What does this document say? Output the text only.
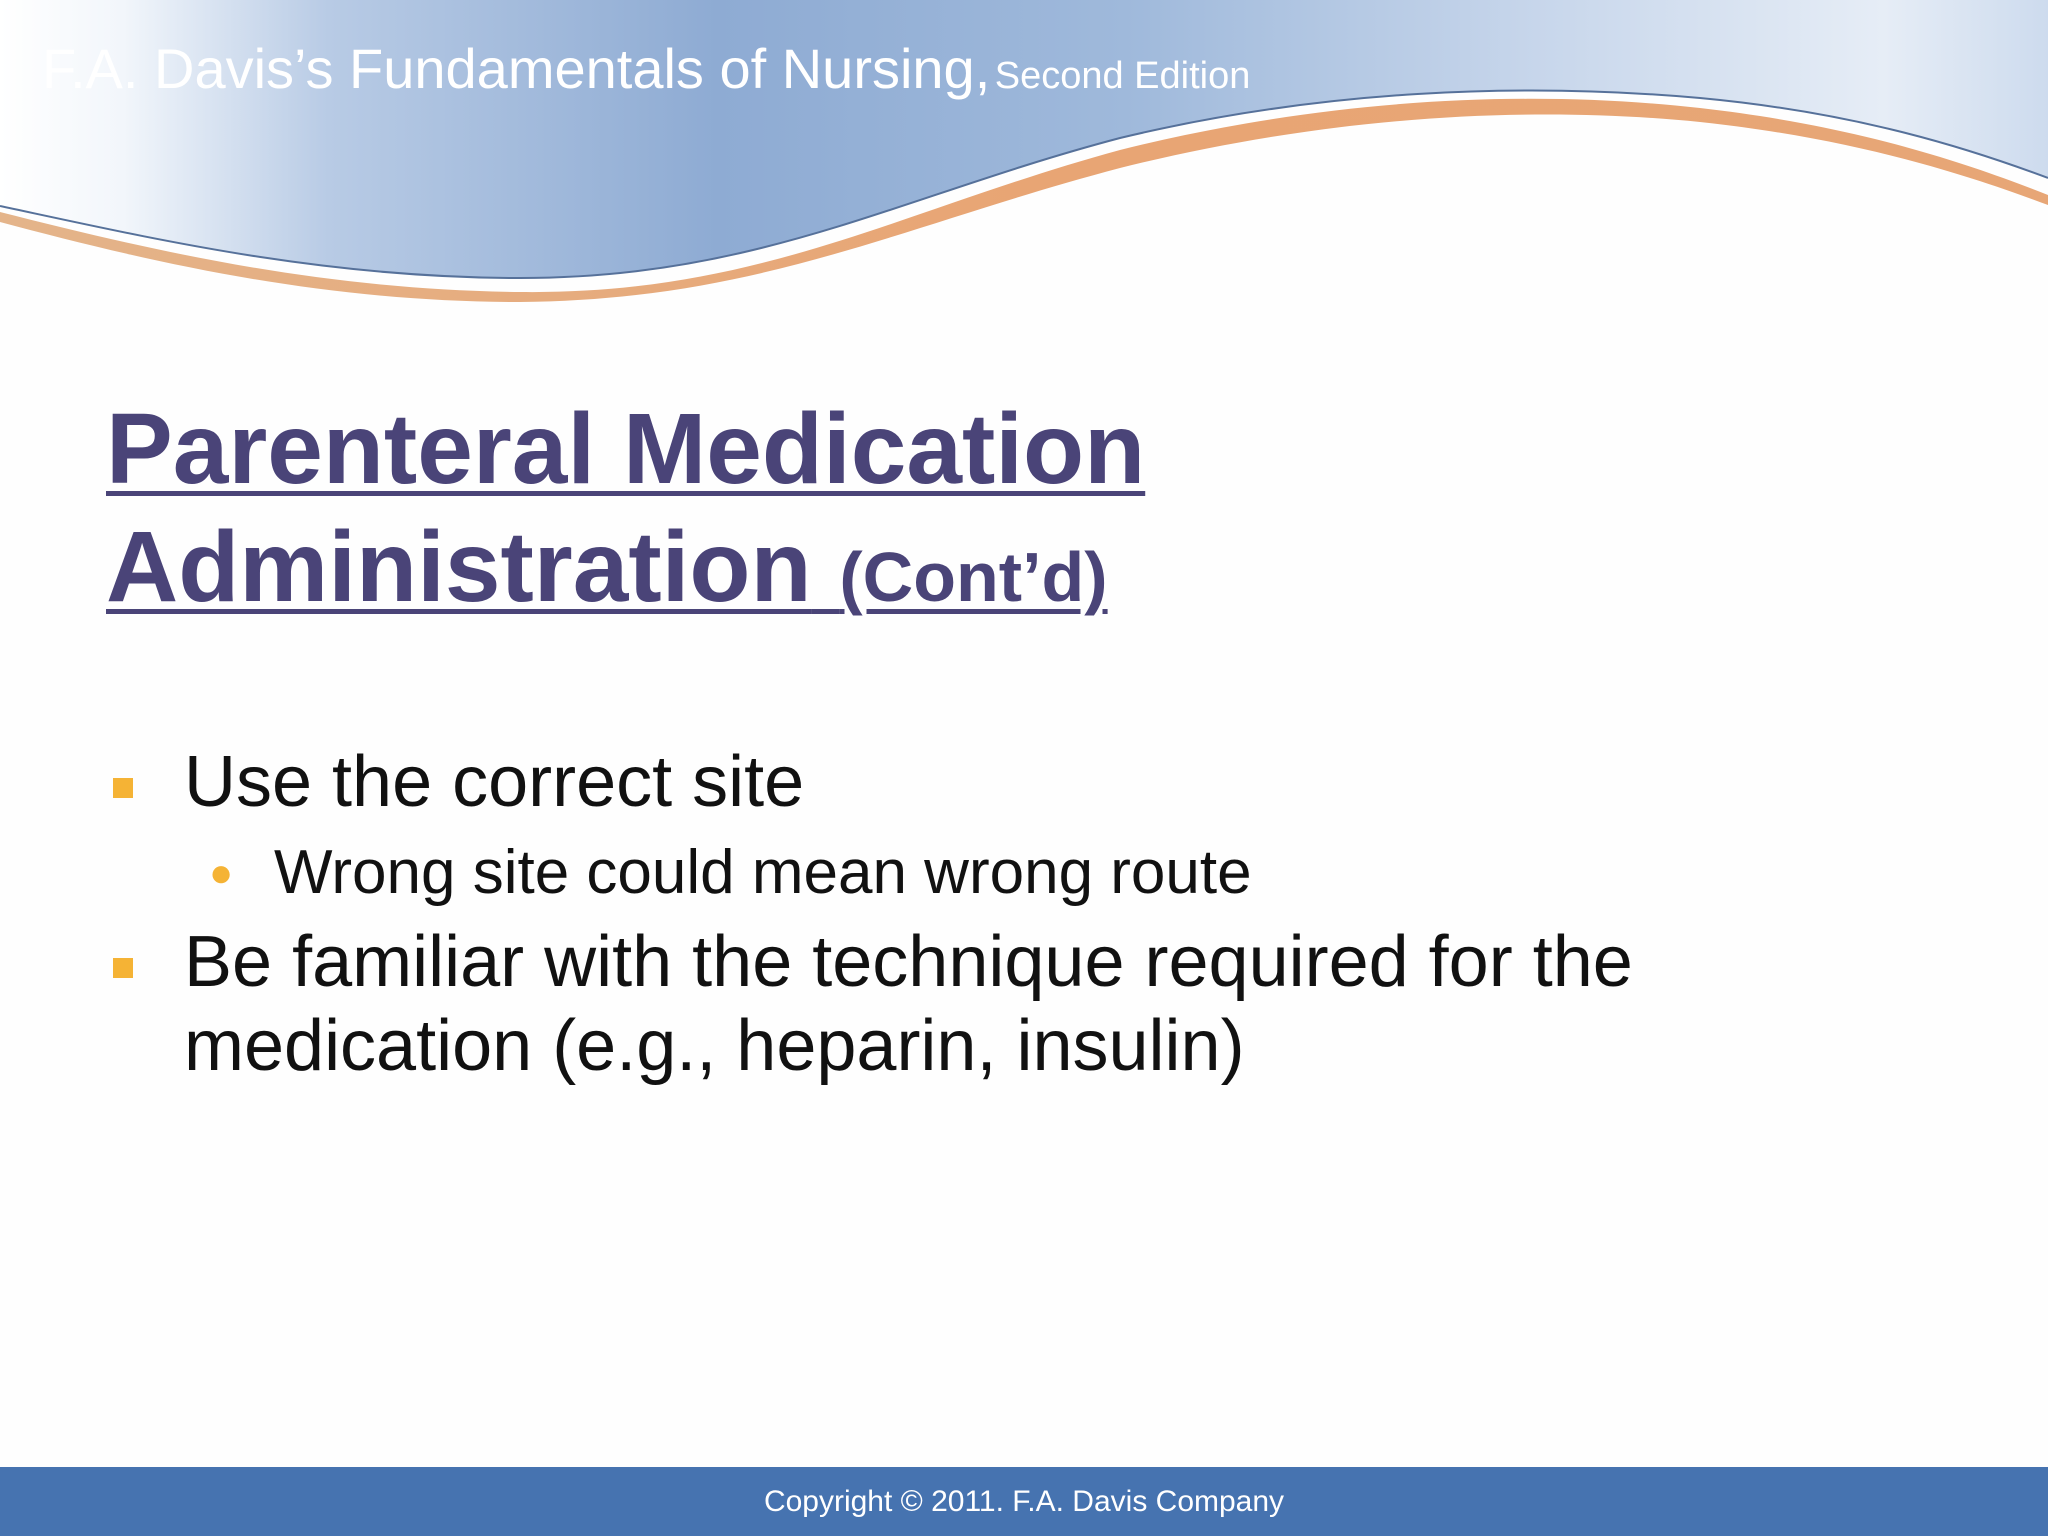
F.A. Davis’s Fundamentals of Nursing, Second Edition
Parenteral Medication
Administration (Cont’d)
Use the correct site
● Wrong site could mean wrong route
Be familiar with the technique required for the medication (e.g., heparin, insulin)
Copyright © 2011. F.A. Davis Company
